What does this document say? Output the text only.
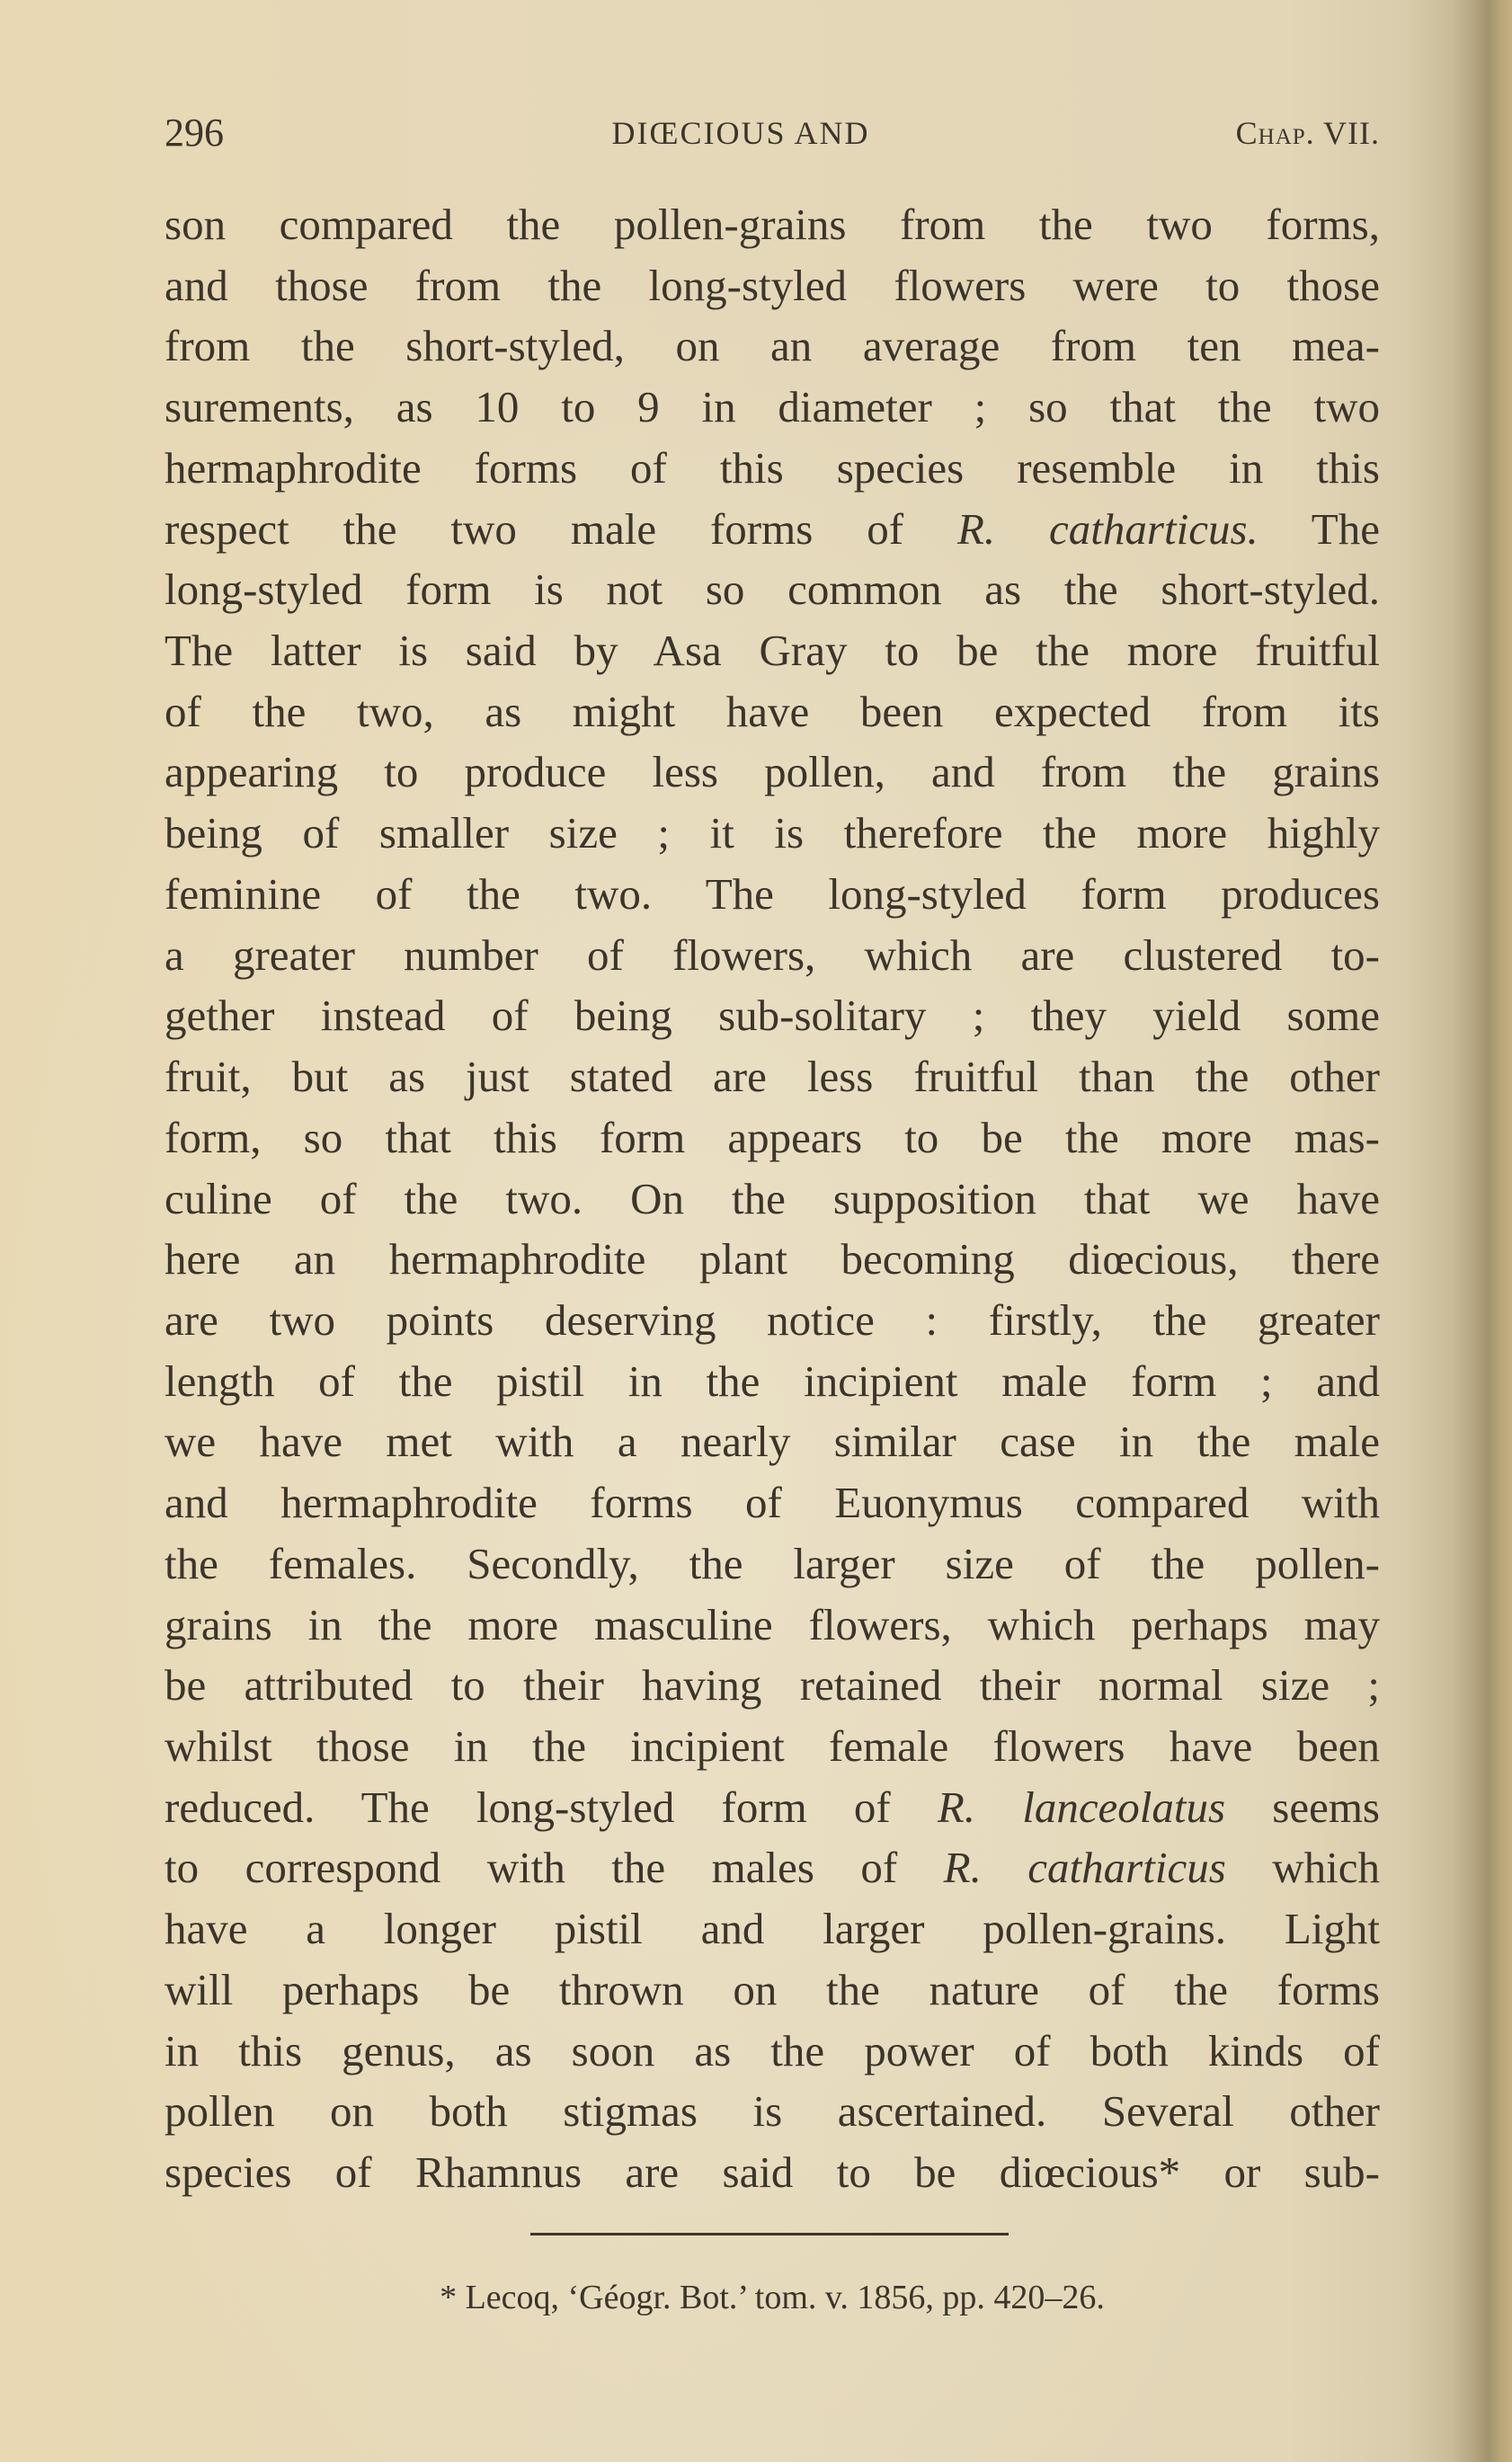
296	DIŒCIOUS AND	Chap. VII.
son compared the pollen-grains from the two forms,
and those from the long-styled flowers were to those
from the short-styled, on an average from ten mea-
surements, as 10 to 9 in diameter ; so that the two
hermaphrodite forms of this species resemble in this
respect the two male forms of R. catharticus. The
long-styled form is not so common as the short-styled.
The latter is said by Asa Gray to be the more fruitful
of the two, as might have been expected from its
appearing to produce less pollen, and from the grains
being of smaller size ; it is therefore the more highly
feminine of the two. The long-styled form produces
a greater number of flowers, which are clustered to-
gether instead of being sub-solitary ; they yield some
fruit, but as just stated are less fruitful than the other
form, so that this form appears to be the more mas-
culine of the two. On the supposition that we have
here an hermaphrodite plant becoming diœcious, there
are two points deserving notice : firstly, the greater
length of the pistil in the incipient male form ; and
we have met with a nearly similar case in the male
and hermaphrodite forms of Euonymus compared with
the females. Secondly, the larger size of the pollen-
grains in the more masculine flowers, which perhaps may
be attributed to their having retained their normal size ;
whilst those in the incipient female flowers have been
reduced. The long-styled form of R. lanceolatus seems
to correspond with the males of R. catharticus which
have a longer pistil and larger pollen-grains. Light
will perhaps be thrown on the nature of the forms
in this genus, as soon as the power of both kinds of
pollen on both stigmas is ascertained. Several other
species of Rhamnus are said to be diœcious* or sub-
* Lecoq, ‘Géogr. Bot.’ tom. v. 1856, pp. 420–26.
